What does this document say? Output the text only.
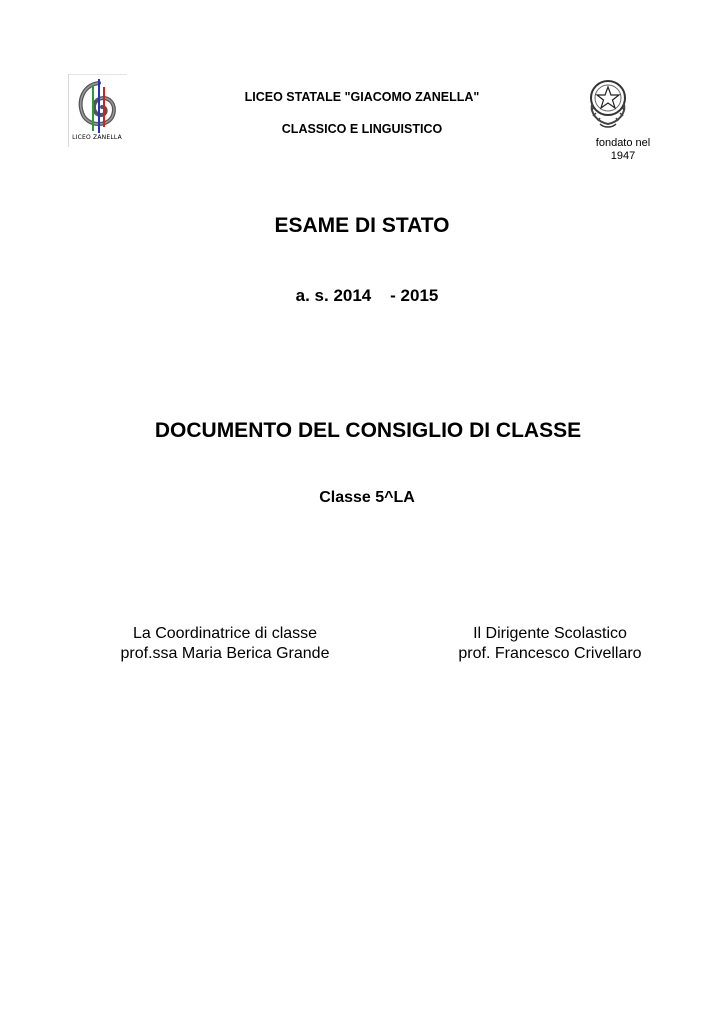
LICEO ZANELLA
LICEO STATALE "GIACOMO ZANELLA"
CLASSICO E LINGUISTICO
fondato nel
1947
ESAME DI STATO
a. s. 2014    - 2015
DOCUMENTO DEL CONSIGLIO DI CLASSE
Classe 5^LA
La Coordinatrice di classe
prof.ssa Maria Berica Grande
Il Dirigente Scolastico
prof. Francesco Crivellaro
